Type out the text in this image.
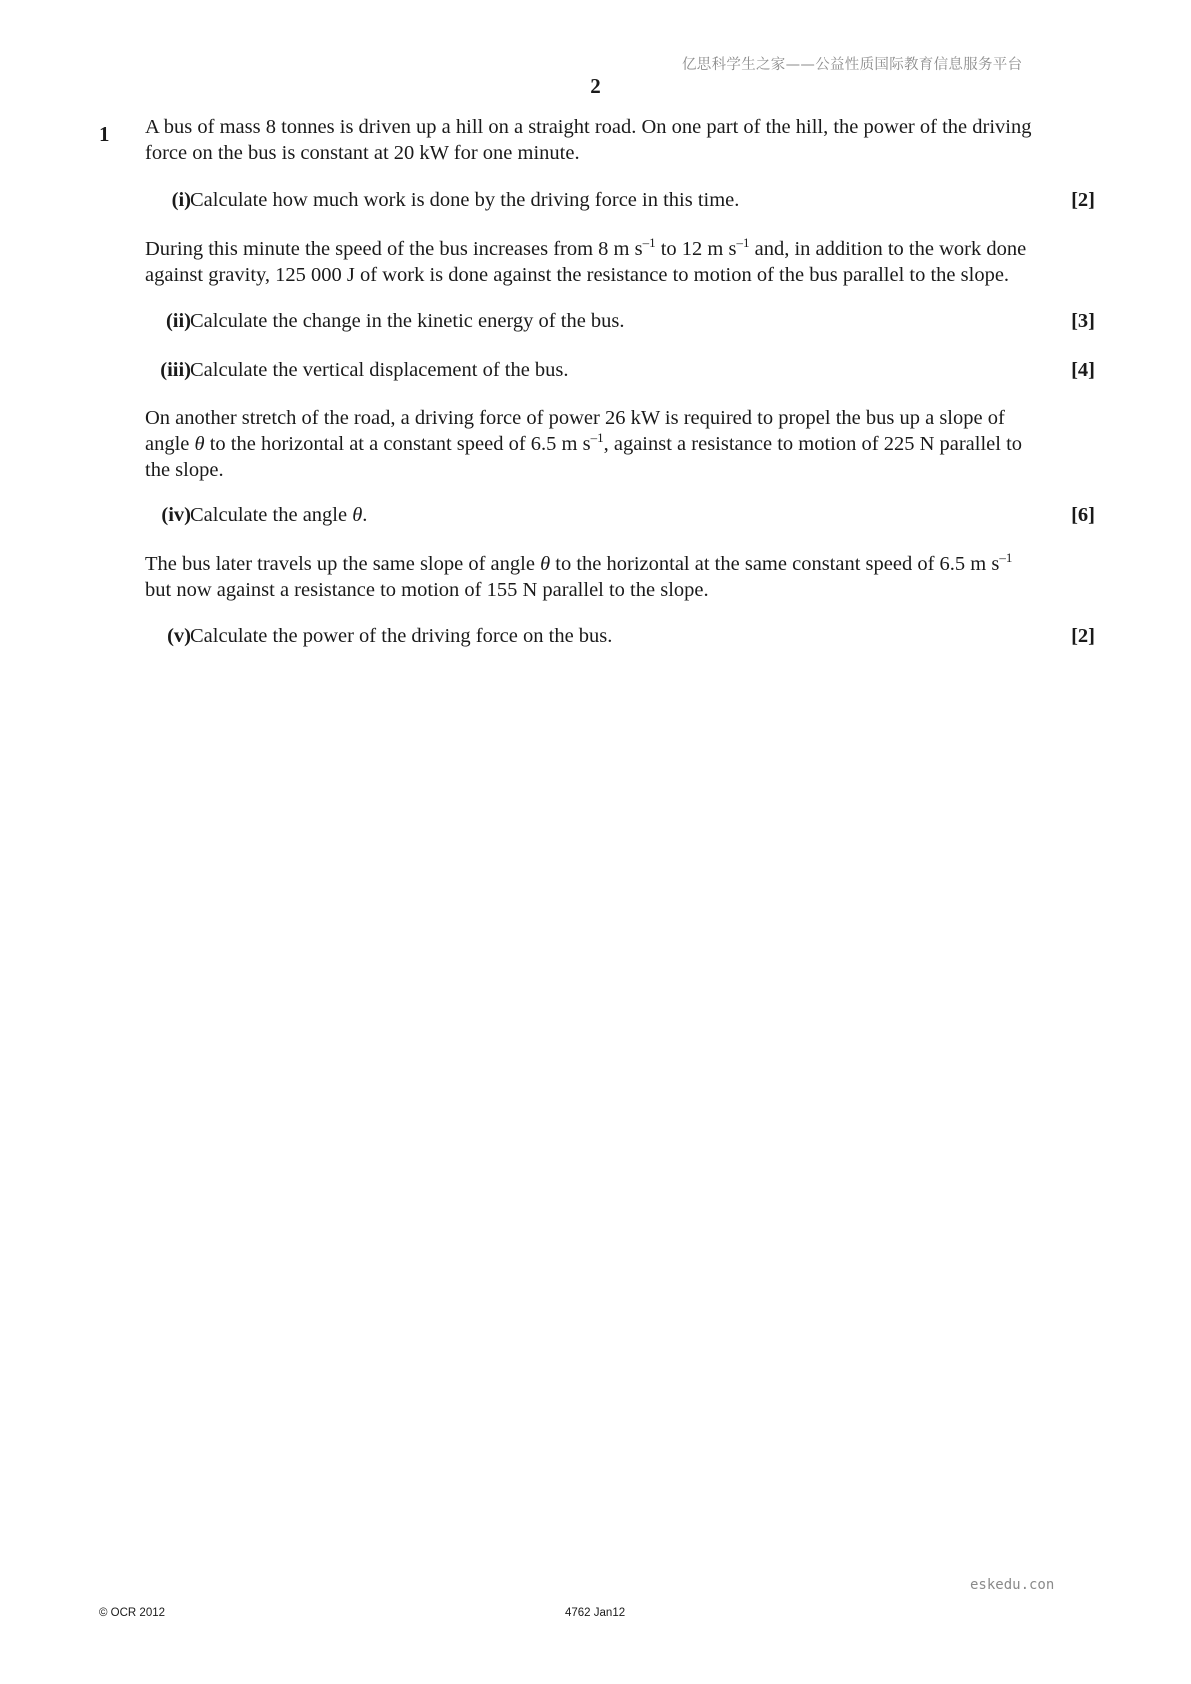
亿思科学生之家——公益性质国际教育信息服务平台
2
1 A bus of mass 8 tonnes is driven up a hill on a straight road. On one part of the hill, the power of the driving
force on the bus is constant at 20 kW for one minute.
(i) Calculate how much work is done by the driving force in this time.	[2]
During this minute the speed of the bus increases from 8 m $s^{-1}$ to 12 m $s^{-1}$ and, in addition to the work done
against gravity, 125 000 J of work is done against the resistance to motion of the bus parallel to the slope.
(ii) Calculate the change in the kinetic energy of the bus.	[3]
(iii) Calculate the vertical displacement of the bus.	[4]
On another stretch of the road, a driving force of power 26 kW is required to propel the bus up a slope of
angle θ to the horizontal at a constant speed of 6.5 m $s^{-1}$, against a resistance to motion of 225 N parallel to
the slope.
(iv) Calculate the angle θ.	[6]
The bus later travels up the same slope of angle θ to the horizontal at the same constant speed of 6.5 m $s^{-1}$
but now against a resistance to motion of 155 N parallel to the slope.
(v) Calculate the power of the driving force on the bus.	[2]
eskedu.con
© OCR 2012	4762 Jan12
